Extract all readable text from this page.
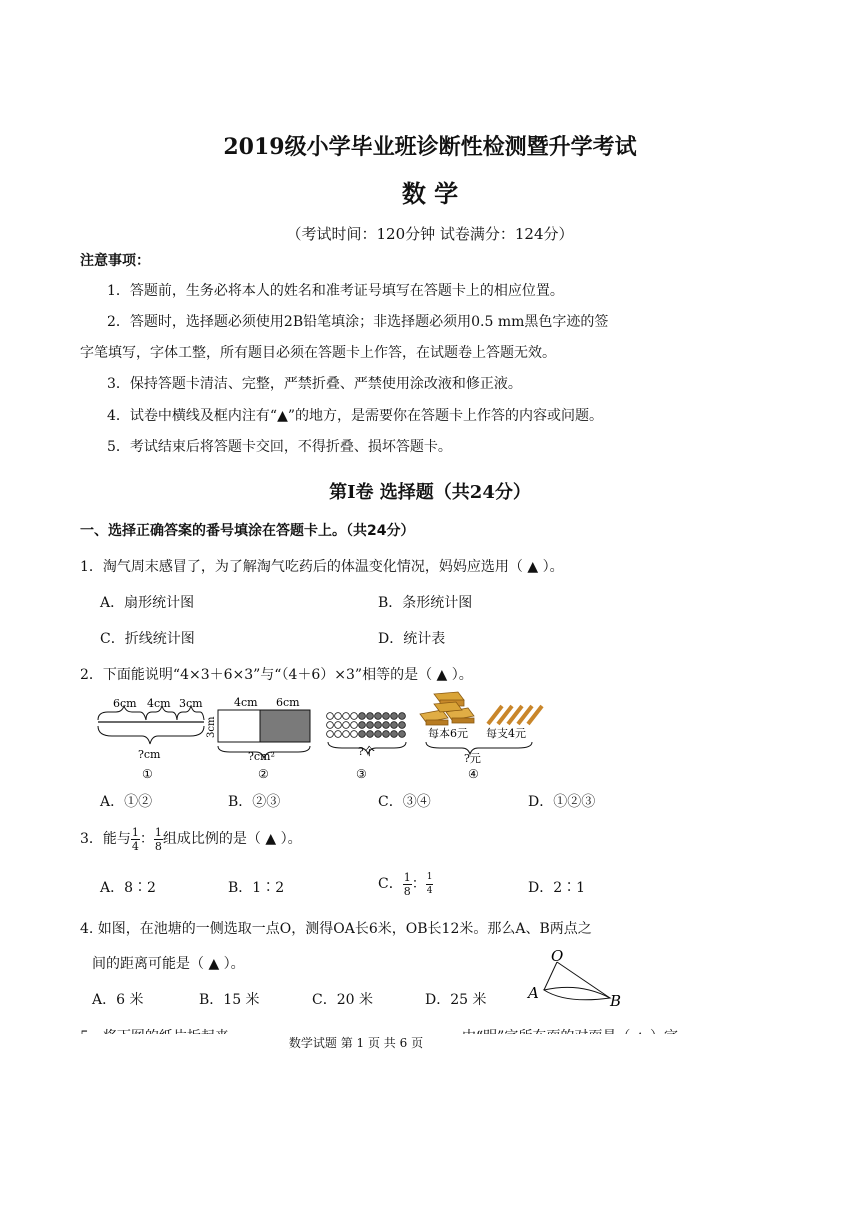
2019级小学毕业班诊断性检测暨升学考试
数 学
（考试时间：120分钟 试卷满分：124分）
注意事项：
1．答题前，生务必将本人的姓名和准考证号填写在答题卡上的相应位置。
2．答题时，选择题必须使用2B铅笔填涂；非选择题必须用0.5 mm黑色字迹的签
字笔填写，字体工整，所有题目必须在答题卡上作答，在试题卷上答题无效。
3．保持答题卡清洁、完整，严禁折叠、严禁使用涂改液和修正液。
4．试卷中横线及框内注有“▲”的地方，是需要你在答题卡上作答的内容或问题。
5．考试结束后将答题卡交回，不得折叠、损坏答题卡。
第I卷 选择题（共24分）
一、选择正确答案的番号填涂在答题卡上。（共24分）
1．淘气周末感冒了，为了解淘气吃药后的体温变化情况，妈妈应选用（ ▲ ）。
A．扇形统计图	B．条形统计图
C．折线统计图	D．统计表
2．下面能说明“4×3＋6×3”与“（4＋6）×3”相等的是（ ▲ ）。
6cm 4cm 3cm
?cm
①
4cm 6cm
3cm
?cm²
②
?个
③
每本6元 每支4元
?元
④
A．①②	B．②③	C．③④	D．①②③
3．能与 $\frac{1}{4}$ ： $\frac{1}{8}$ 组成比例的是（ ▲ ）。
A．8∶2	B．1∶2	C． $\frac{1}{8}$ ： $\frac{1}{4}$	D．2∶1
4. 如图，在池塘的一侧选取一点O，测得OA长6米，OB长12米。那么A、B两点之
间的距离可能是（ ▲ ）。
A．6 米	B．15 米	C．20 米	D．25 米
O
A	B
数学试题 第 1 页 共 6 页
